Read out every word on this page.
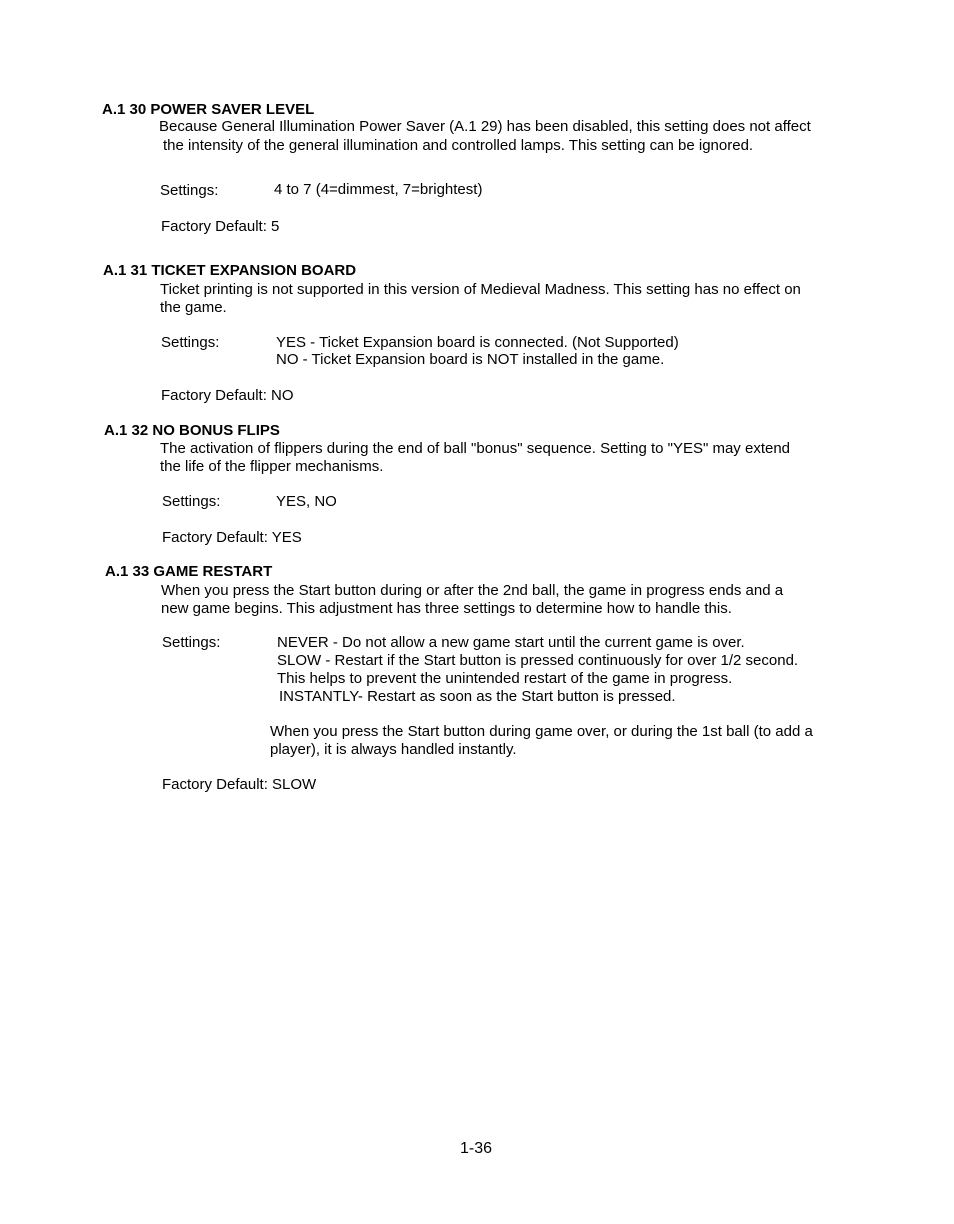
A.1 30 POWER SAVER LEVEL
Because General Illumination Power Saver (A.1 29) has been disabled, this setting does not affect
the intensity of the general illumination and controlled lamps. This setting can be ignored.
Settings:	4 to 7 (4=dimmest, 7=brightest)
Factory Default: 5
A.1 31 TICKET EXPANSION BOARD
Ticket printing is not supported in this version of Medieval Madness. This setting has no effect on
the game.
Settings:	YES - Ticket Expansion board is connected. (Not Supported)
NO - Ticket Expansion board is NOT installed in the game.
Factory Default: NO
A.1 32 NO BONUS FLIPS
The activation of flippers during the end of ball "bonus" sequence. Setting to "YES" may extend
the life of the flipper mechanisms.
Settings:	YES, NO
Factory Default: YES
A.1 33 GAME RESTART
When you press the Start button during or after the 2nd ball, the game in progress ends and a
new game begins. This adjustment has three settings to determine how to handle this.
Settings:	NEVER - Do not allow a new game start until the current game is over.
SLOW - Restart if the Start button is pressed continuously for over 1/2 second.
This helps to prevent the unintended restart of the game in progress.
INSTANTLY- Restart as soon as the Start button is pressed.
When you press the Start button during game over, or during the 1st ball (to add a
player), it is always handled instantly.
Factory Default: SLOW
1-36
